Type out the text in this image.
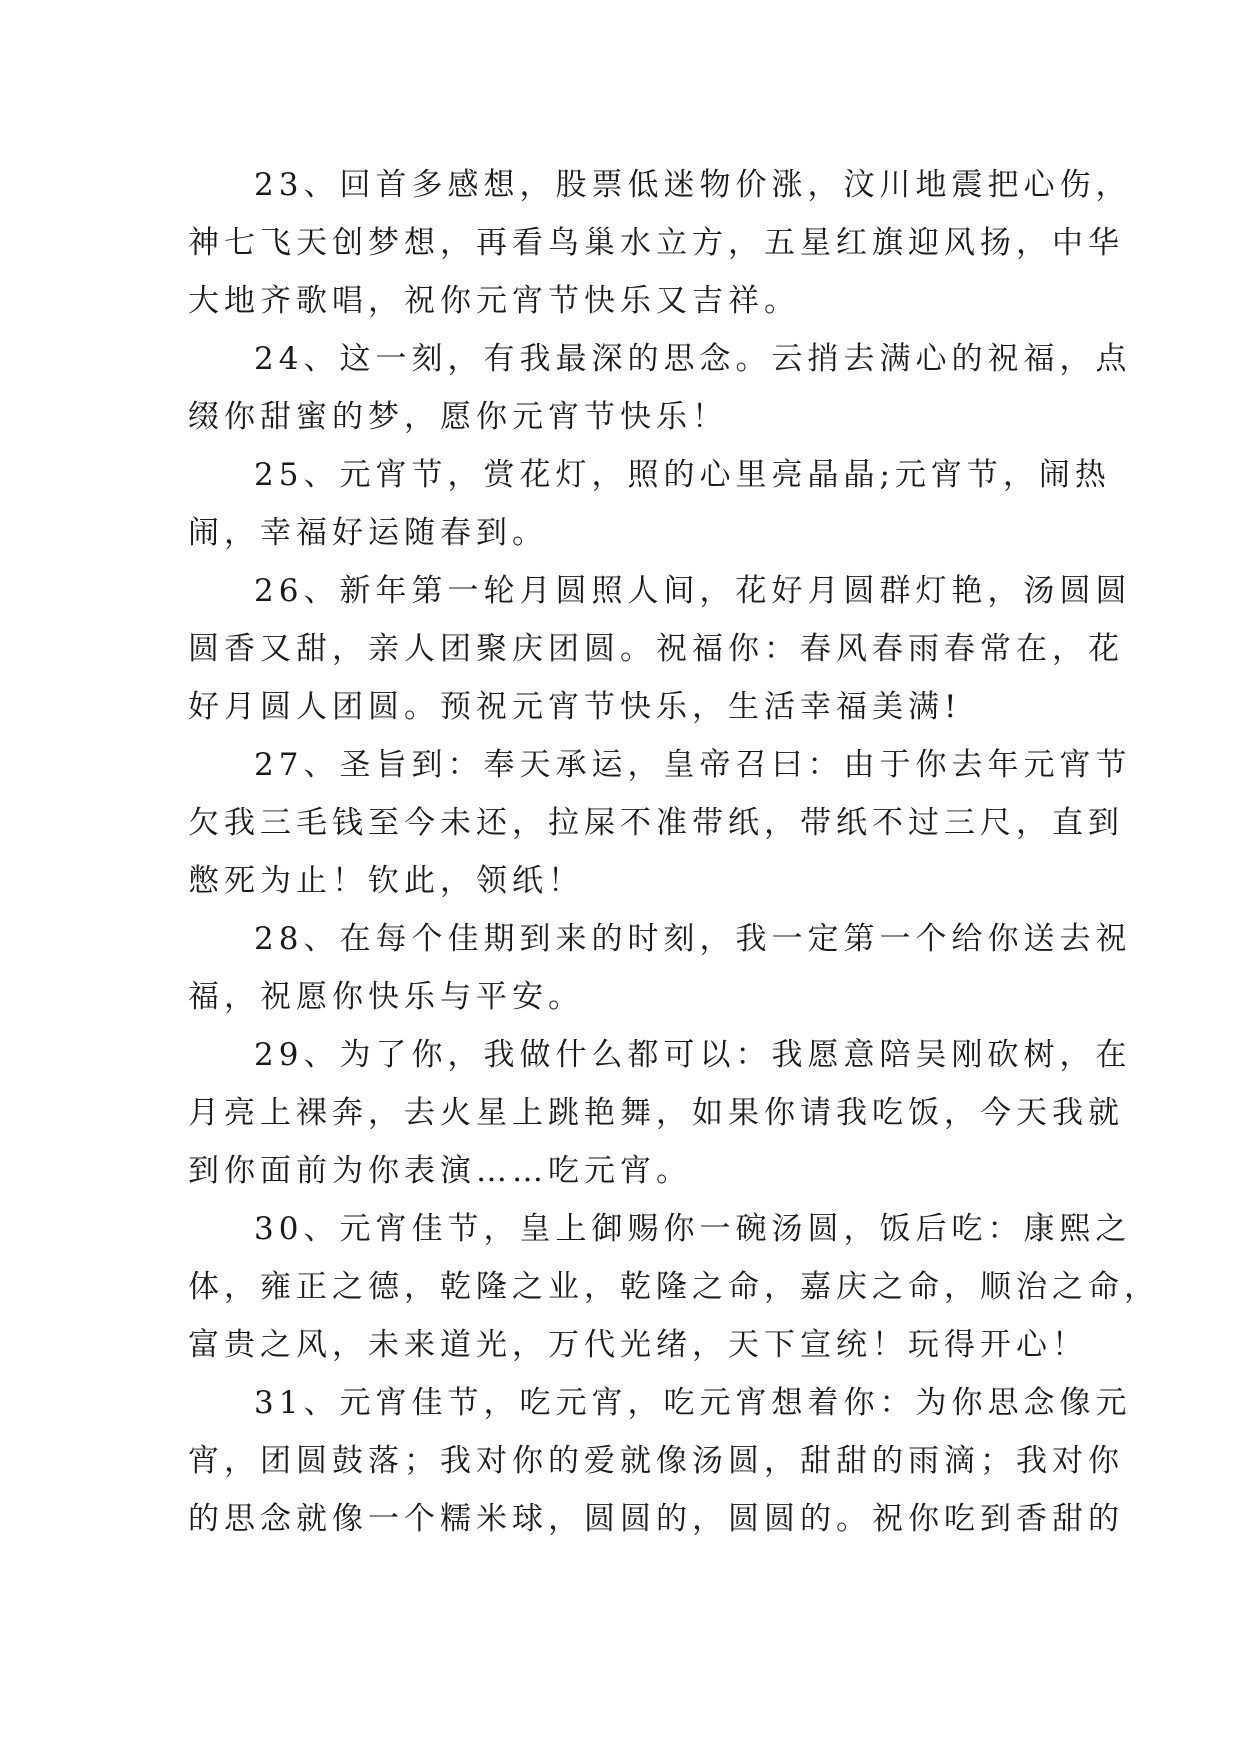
23、回首多感想，股票低迷物价涨，汶川地震把心伤，
神七飞天创梦想，再看鸟巢水立方，五星红旗迎风扬，中华
大地齐歌唱，祝你元宵节快乐又吉祥。
24、这一刻，有我最深的思念。云捎去满心的祝福，点
缀你甜蜜的梦，愿你元宵节快乐！
25、元宵节，赏花灯，照的心里亮晶晶;元宵节，闹热
闹，幸福好运随春到。
26、新年第一轮月圆照人间，花好月圆群灯艳，汤圆圆
圆香又甜，亲人团聚庆团圆。祝福你：春风春雨春常在，花
好月圆人团圆。预祝元宵节快乐，生活幸福美满!
27、圣旨到：奉天承运，皇帝召曰：由于你去年元宵节
欠我三毛钱至今未还，拉屎不准带纸，带纸不过三尺，直到
憋死为止！钦此，领纸！
28、在每个佳期到来的时刻，我一定第一个给你送去祝
福，祝愿你快乐与平安。
29、为了你，我做什么都可以：我愿意陪吴刚砍树，在
月亮上裸奔，去火星上跳艳舞，如果你请我吃饭，今天我就
到你面前为你表演……吃元宵。
30、元宵佳节，皇上御赐你一碗汤圆，饭后吃：康熙之
体，雍正之德，乾隆之业，乾隆之命，嘉庆之命，顺治之命，
富贵之风，未来道光，万代光绪，天下宣统！玩得开心！
31、元宵佳节，吃元宵，吃元宵想着你：为你思念像元
宵，团圆鼓落；我对你的爱就像汤圆，甜甜的雨滴；我对你
的思念就像一个糯米球，圆圆的，圆圆的。祝你吃到香甜的
